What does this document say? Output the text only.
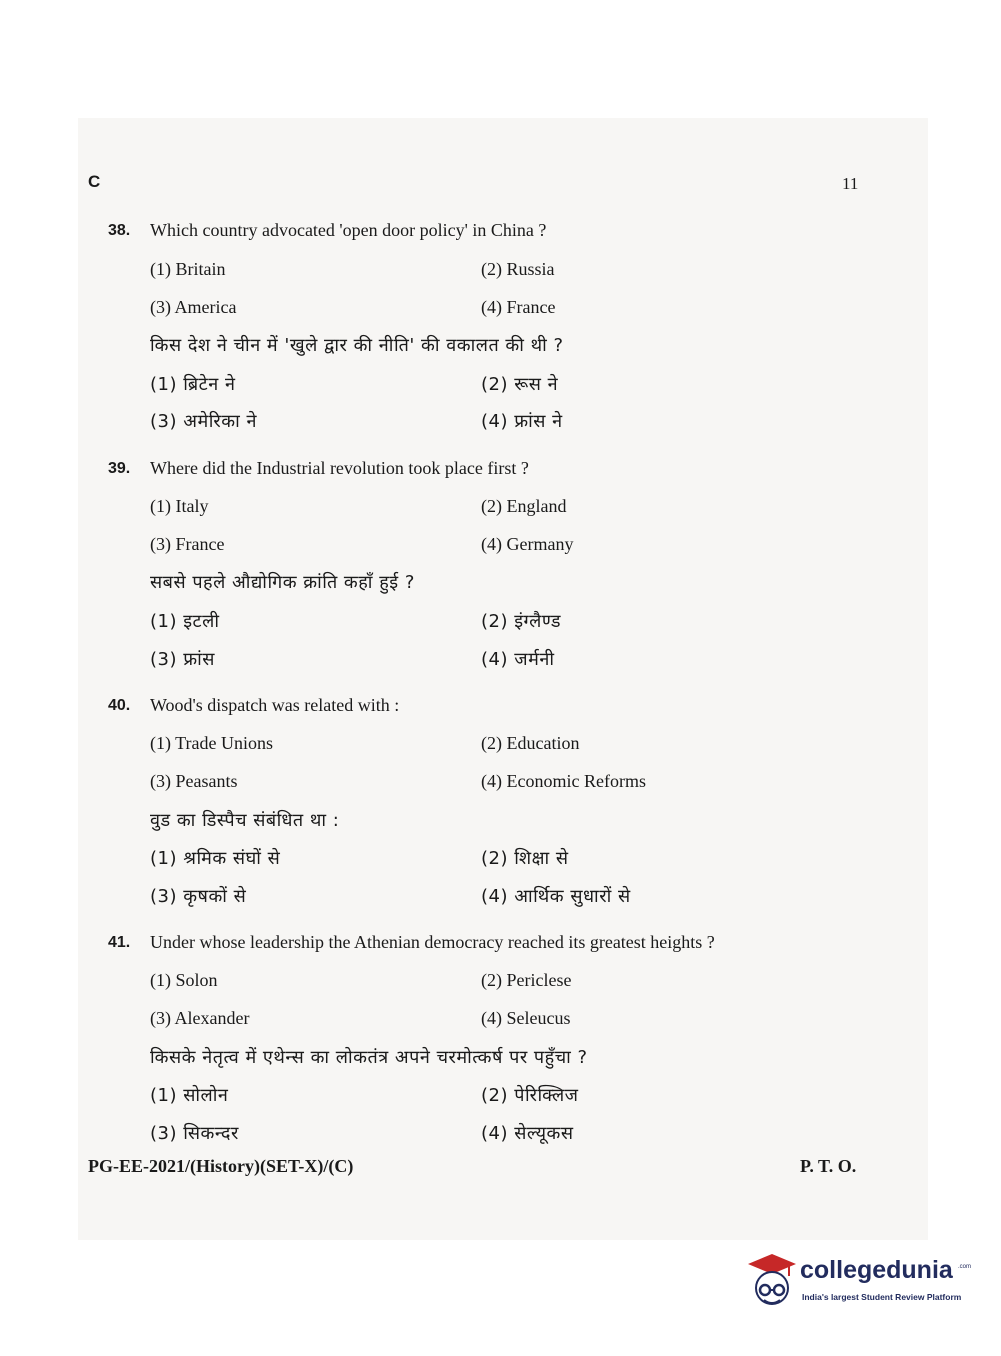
C	11
38. Which country advocated 'open door policy' in China ?
(1) Britain	(2) Russia
(3) America	(4) France
किस देश ने चीन में 'खुले द्वार की नीति' की वकालत की थी ?
(1) ब्रिटेन ने	(2) रूस ने
(3) अमेरिका ने	(4) फ्रांस ने
39. Where did the Industrial revolution took place first ?
(1) Italy	(2) England
(3) France	(4) Germany
सबसे पहले औद्योगिक क्रांति कहाँ हुई ?
(1) इटली	(2) इंग्लैण्ड
(3) फ्रांस	(4) जर्मनी
40. Wood's dispatch was related with :
(1) Trade Unions	(2) Education
(3) Peasants	(4) Economic Reforms
वुड का डिस्पैच संबंधित था :
(1) श्रमिक संघों से	(2) शिक्षा से
(3) कृषकों से	(4) आर्थिक सुधारों से
41. Under whose leadership the Athenian democracy reached its greatest heights ?
(1) Solon	(2) Periclese
(3) Alexander	(4) Seleucus
किसके नेतृत्व में एथेन्स का लोकतंत्र अपने चरमोत्कर्ष पर पहुँचा ?
(1) सोलोन	(2) पेरिक्लिज
(3) सिकन्दर	(4) सेल्यूकस
PG-EE-2021/(History)(SET-X)/(C)	P. T. O.
collegedunia .com
India's largest Student Review Platform
